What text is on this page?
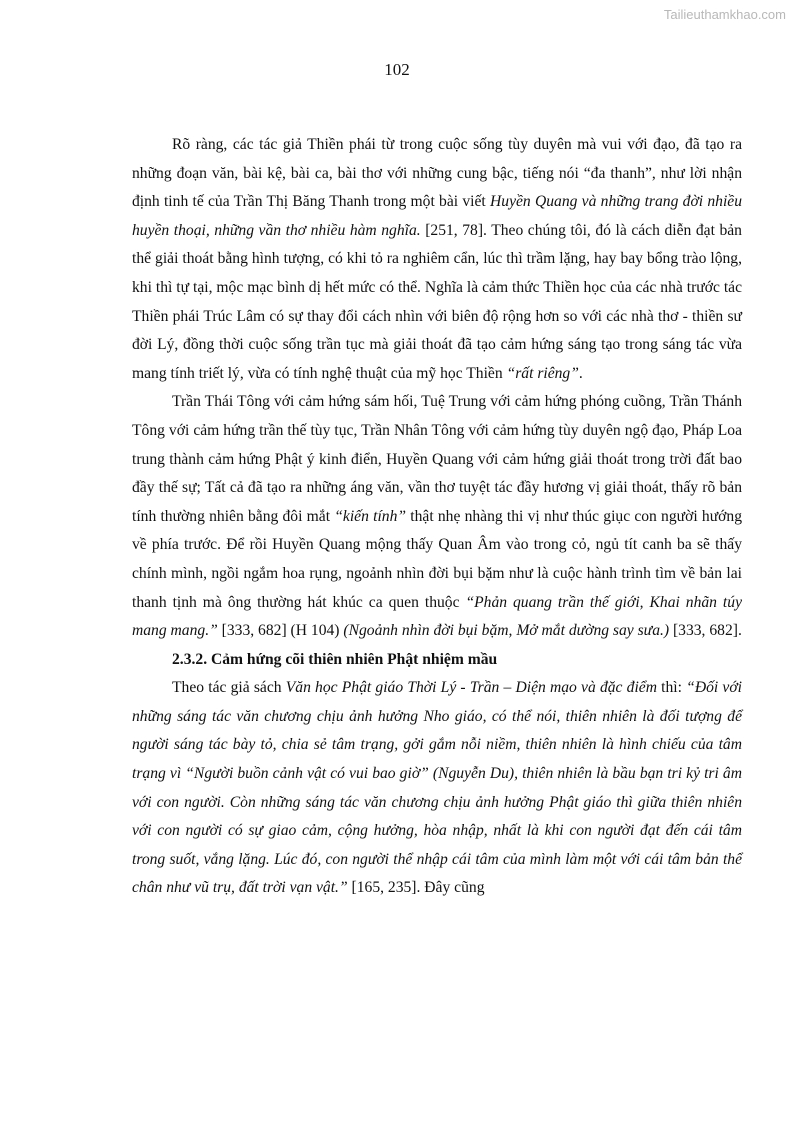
Tailieuthamkhao.com
102

Rõ ràng, các tác giả Thiền phái từ trong cuộc sống tùy duyên mà vui với đạo, đã tạo ra những đoạn văn, bài kệ, bài ca, bài thơ với những cung bậc, tiếng nói “đa thanh”, như lời nhận định tinh tế của Trần Thị Băng Thanh trong một bài viết Huyền Quang và những trang đời nhiều huyền thoại, những vần thơ nhiều hàm nghĩa. [251, 78]. Theo chúng tôi, đó là cách diễn đạt bản thể giải thoát bằng hình tượng, có khi tỏ ra nghiêm cẩn, lúc thì trầm lặng, hay bay bổng trào lộng, khi thì tự tại, mộc mạc bình dị hết mức có thể. Nghĩa là cảm thức Thiền học của các nhà trước tác Thiền phái Trúc Lâm có sự thay đổi cách nhìn với biên độ rộng hơn so với các nhà thơ - thiền sư đời Lý, đồng thời cuộc sống trần tục mà giải thoát đã tạo cảm hứng sáng tạo trong sáng tác vừa mang tính triết lý, vừa có tính nghệ thuật của mỹ học Thiền “rất riêng”.

Trần Thái Tông với cảm hứng sám hối, Tuệ Trung với cảm hứng phóng cuồng, Trần Thánh Tông với cảm hứng trần thế tùy tục, Trần Nhân Tông với cảm hứng tùy duyên ngộ đạo, Pháp Loa trung thành cảm hứng Phật ý kinh điển, Huyền Quang với cảm hứng giải thoát trong trời đất bao đầy thế sự; Tất cả đã tạo ra những áng văn, vần thơ tuyệt tác đầy hương vị giải thoát, thấy rõ bản tính thường nhiên bằng đôi mắt “kiến tính” thật nhẹ nhàng thi vị như thúc giục con người hướng về phía trước. Để rồi Huyền Quang mộng thấy Quan Âm vào trong cỏ, ngủ tít canh ba sẽ thấy chính mình, ngồi ngắm hoa rụng, ngoảnh nhìn đời bụi bặm như là cuộc hành trình tìm về bản lai thanh tịnh mà ông thường hát khúc ca quen thuộc “Phản quang trần thế giới, Khai nhãn túy mang mang.” [333, 682] (H 104) (Ngoảnh nhìn đời bụi bặm, Mở mắt dường say sưa.) [333, 682].

2.3.2. Cảm hứng cõi thiên nhiên Phật nhiệm mầu

Theo tác giả sách Văn học Phật giáo Thời Lý - Trần – Diện mạo và đặc điểm thì: “Đối với những sáng tác văn chương chịu ảnh hưởng Nho giáo, có thể nói, thiên nhiên là đối tượng để người sáng tác bày tỏ, chia sẻ tâm trạng, gởi gắm nỗi niềm, thiên nhiên là hình chiếu của tâm trạng vì “Người buồn cảnh vật có vui bao giờ” (Nguyễn Du), thiên nhiên là bầu bạn tri kỷ tri âm với con người. Còn những sáng tác văn chương chịu ảnh hưởng Phật giáo thì giữa thiên nhiên với con người có sự giao cảm, cộng hưởng, hòa nhập, nhất là khi con người đạt đến cái tâm trong suốt, vắng lặng. Lúc đó, con người thể nhập cái tâm của mình làm một với cái tâm bản thể chân như vũ trụ, đất trời vạn vật.” [165, 235]. Đây cũng
